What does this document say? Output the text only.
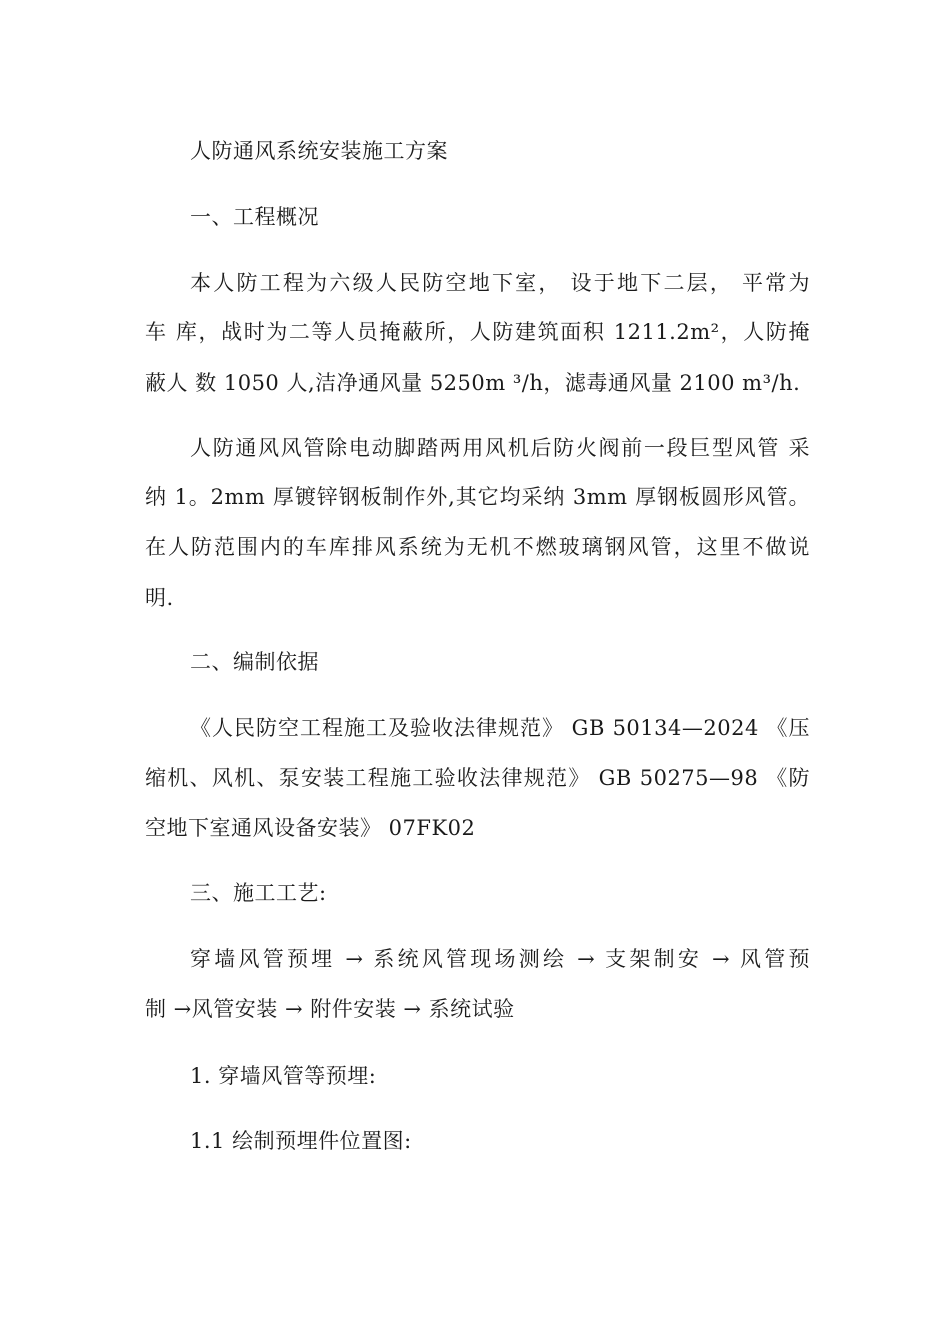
人防通风系统安装施工方案
一、工程概况
本人防工程为六级人民防空地下室， 设于地下二层， 平常为
车 库，战时为二等人员掩蔽所，人防建筑面积 1211.2m²，人防掩
蔽人 数 1050 人,洁净通风量 5250m ³/h，滤毒通风量 2100 m³/h.
人防通风风管除电动脚踏两用风机后防火阀前一段巨型风管 采
纳 1。2mm 厚镀锌钢板制作外,其它均采纳 3mm 厚钢板圆形风管。
在人防范围内的车库排风系统为无机不燃玻璃钢风管，这里不做说
明.
二、编制依据
《人民防空工程施工及验收法律规范》 GB 50134—2024 《压
缩机、风机、泵安装工程施工验收法律规范》 GB 50275—98 《防
空地下室通风设备安装》 07FK02
三、施工工艺:
穿墙风管预埋 → 系统风管现场测绘 → 支架制安 → 风管预
制 →风管安装 → 附件安装 → 系统试验
1. 穿墙风管等预埋:
1.1 绘制预埋件位置图:
